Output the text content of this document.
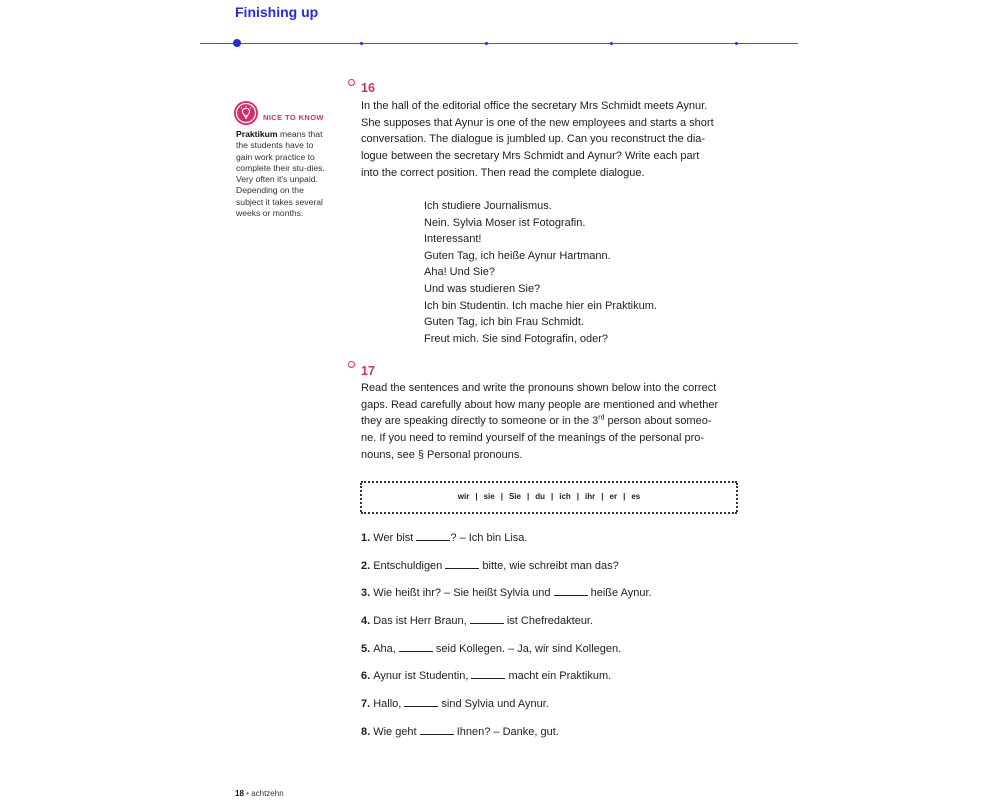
Finishing up
NICE TO KNOW
Praktikum means that the students have to gain work practice to complete their stu-dies. Very often it's unpaid. Depending on the subject it takes several weeks or months.
16

In the hall of the editorial office the secretary Mrs Schmidt meets Aynur.

She supposes that Aynur is one of the new employees and starts a short

conversation. The dialogue is jumbled up. Can you reconstruct the dia-

logue between the secretary Mrs Schmidt and Aynur? Write each part

into the correct position. Then read the complete dialogue.

Ich studiere Journalismus.
Nein. Sylvia Moser ist Fotografin.
Interessant!
Guten Tag, ich heiße Aynur Hartmann.
Aha! Und Sie?
Und was studieren Sie?
Ich bin Studentin. Ich mache hier ein Praktikum.
Guten Tag, ich bin Frau Schmidt.
Freut mich. Sie sind Fotografin, oder?
17

Read the sentences and write the pronouns shown below into the correct

gaps. Read carefully about how many people are mentioned and whether

they are speaking directly to someone or in the 3rd person about someo-

ne. If you need to remind yourself of the meanings of the personal pro-

nouns, see § Personal pronouns.

wir | sie | Sie | du | ich | ihr | er | es
1. Wer bist	? – Ich bin Lisa.
2. Entschuldigen	bitte, wie schreibt man das?
3. Wie heißt ihr? – Sie heißt Sylvia und	heiße Aynur.
4. Das ist Herr Braun,	ist Chefredakteur.
5. Aha,	seid Kollegen. – Ja, wir sind Kollegen.
6. Aynur ist Studentin,	macht ein Praktikum.
7. Hallo,	sind Sylvia und Aynur.
8. Wie geht	Ihnen? – Danke, gut.
18 • achtzehn
